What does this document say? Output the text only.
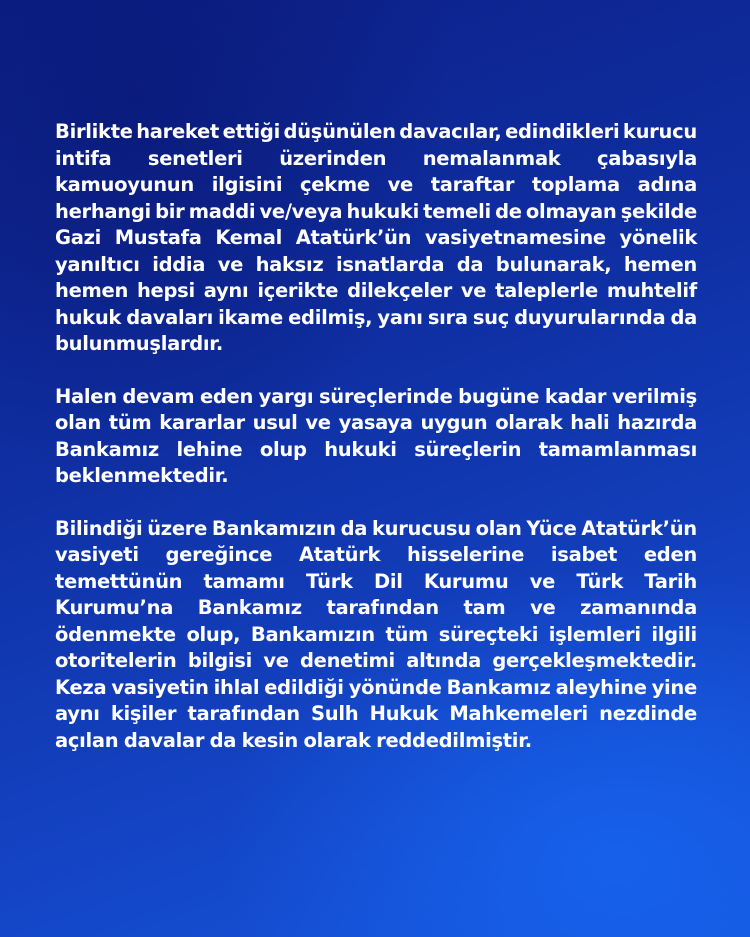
Birlikte hareket ettiği düşünülen davacılar, edindikleri kurucu
intifa senetleri üzerinden nemalanmak çabasıyla
kamuoyunun ilgisini çekme ve taraftar toplama adına
herhangi bir maddi ve/veya hukuki temeli de olmayan şekilde
Gazi Mustafa Kemal Atatürk’ün vasiyetnamesine yönelik
yanıltıcı iddia ve haksız isnatlarda da bulunarak, hemen
hemen hepsi aynı içerikte dilekçeler ve taleplerle muhtelif
hukuk davaları ikame edilmiş, yanı sıra suç duyurularında da
bulunmuşlardır.

Halen devam eden yargı süreçlerinde bugüne kadar verilmiş
olan tüm kararlar usul ve yasaya uygun olarak hali hazırda
Bankamız lehine olup hukuki süreçlerin tamamlanması
beklenmektedir.

Bilindiği üzere Bankamızın da kurucusu olan Yüce Atatürk’ün
vasiyeti gereğince Atatürk hisselerine isabet eden
temettünün tamamı Türk Dil Kurumu ve Türk Tarih
Kurumu’na Bankamız tarafından tam ve zamanında
ödenmekte olup, Bankamızın tüm süreçteki işlemleri ilgili
otoritelerin bilgisi ve denetimi altında gerçekleşmektedir.
Keza vasiyetin ihlal edildiği yönünde Bankamız aleyhine yine
aynı kişiler tarafından Sulh Hukuk Mahkemeleri nezdinde
açılan davalar da kesin olarak reddedilmiştir.
